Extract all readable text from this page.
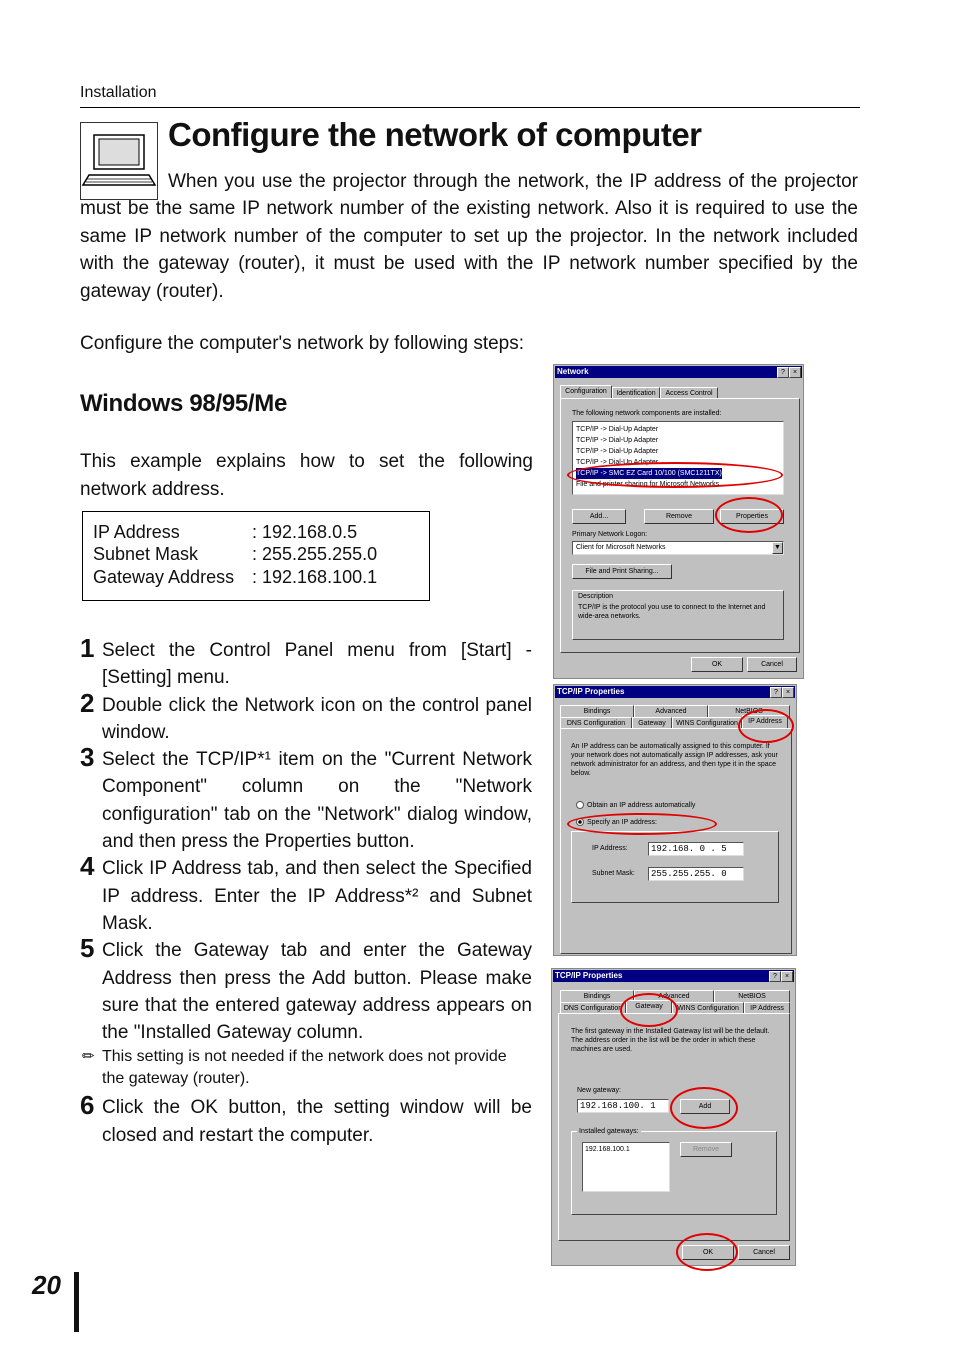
Installation
Configure the network of computer
When you use the projector through the network, the IP address of the projector must be the same IP network number of the existing network. Also it is required to use the same IP network number of the computer to set up the projector. In the network included with the gateway (router), it must be used with the IP network number specified by the gateway (router).
Configure the computer's network by following steps:
Windows 98/95/Me
This example explains how to set the following network address.
IP Address	: 192.168.0.5
Subnet Mask	: 255.255.255.0
Gateway Address : 192.168.100.1
1 Select the Control Panel menu from [Start] - [Setting] menu.
2 Double click the Network icon on the control panel window.
3 Select the TCP/IP*¹ item on the "Current Network Component" column on the "Network configuration" tab on the "Network" dialog window, and then press the Properties button.
4 Click IP Address tab, and then select the Specified IP address. Enter the IP Address*² and Subnet Mask.
5 Click the Gateway tab and enter the Gateway Address then press the Add button. Please make sure that the entered gateway address appears on the "Installed Gateway column.
✏ This setting is not needed if the network does not provide the gateway (router).
6 Click the OK button, the setting window will be closed and restart the computer.
20
Network	?	×
Configuration	Identification	Access Control
The following network components are installed:
TCP/IP -> Dial-Up Adapter
TCP/IP -> Dial-Up Adapter
TCP/IP -> Dial-Up Adapter
TCP/IP -> Dial-Up Adapter
TCP/IP -> SMC EZ Card 10/100 (SMC1211TX)
File and printer sharing for Microsoft Networks
Add...	Remove	Properties
Primary Network Logon:
Client for Microsoft Networks	▼
File and Print Sharing...
Description
TCP/IP is the protocol you use to connect to the Internet and wide-area networks.
OK	Cancel
TCP/IP Properties	?	×
Bindings	Advanced	NetBIOS
DNS Configuration	Gateway	WINS Configuration	IP Address
An IP address can be automatically assigned to this computer. If your network does not automatically assign IP addresses, ask your network administrator for an address, and then type it in the space below.
Obtain an IP address automatically
Specify an IP address:
IP Address:	192.168. 0 . 5
Subnet Mask:	255.255.255. 0
TCP/IP Properties	?	×
Bindings	Advanced	NetBIOS
DNS Configuration	Gateway	WINS Configuration	IP Address
The first gateway in the Installed Gateway list will be the default. The address order in the list will be the order in which these machines are used.
New gateway:
192.168.100. 1	Add
Installed gateways:
192.168.100.1	Remove
OK	Cancel
